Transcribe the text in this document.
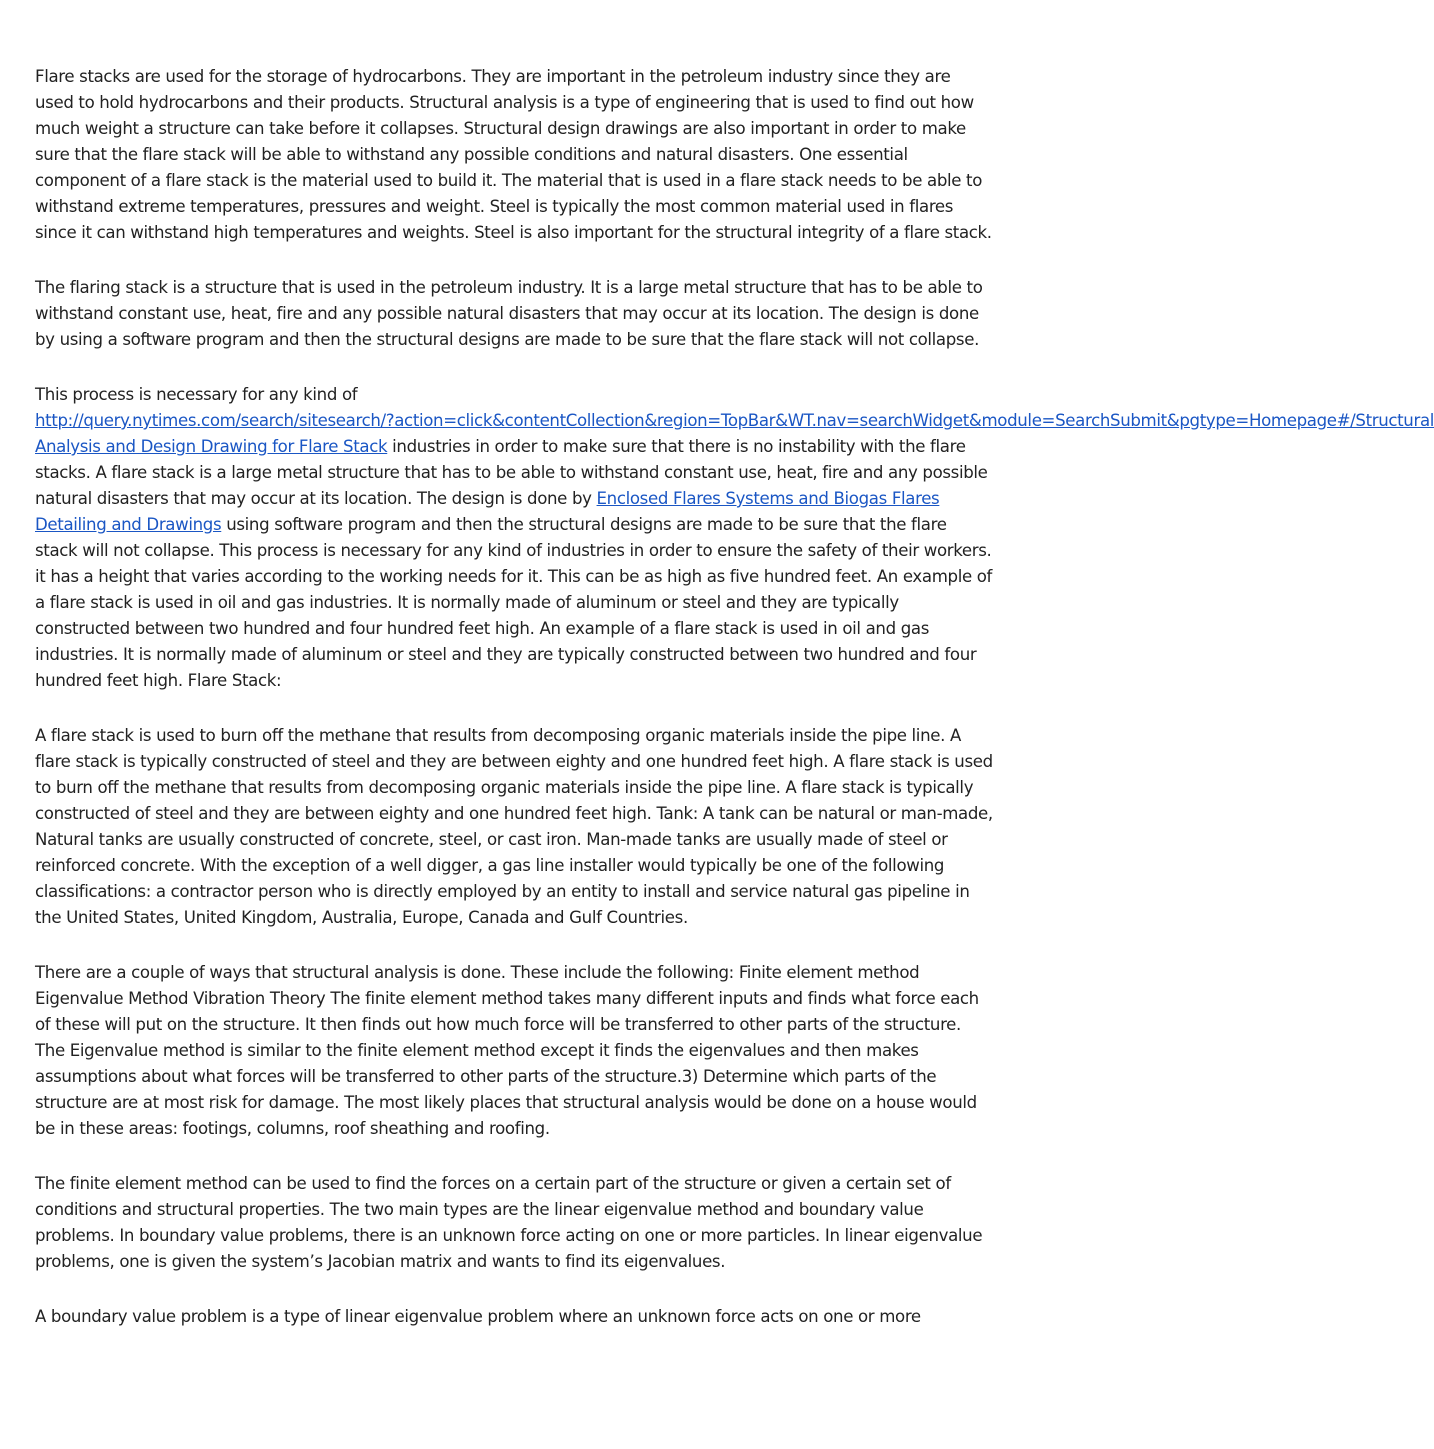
Flare stacks are used for the storage of hydrocarbons. They are important in the petroleum industry since they are used to hold hydrocarbons and their products. Structural analysis is a type of engineering that is used to find out how much weight a structure can take before it collapses. Structural design drawings are also important in order to make sure that the flare stack will be able to withstand any possible conditions and natural disasters. One essential component of a flare stack is the material used to build it. The material that is used in a flare stack needs to be able to withstand extreme temperatures, pressures and weight. Steel is typically the most common material used in flares since it can withstand high temperatures and weights. Steel is also important for the structural integrity of a flare stack.

The flaring stack is a structure that is used in the petroleum industry. It is a large metal structure that has to be able to withstand constant use, heat, fire and any possible natural disasters that may occur at its location. The design is done by using a software program and then the structural designs are made to be sure that the flare stack will not collapse.

This process is necessary for any kind of
http://query.nytimes.com/search/sitesearch/?action=click&contentCollection&region=TopBar&WT.nav=searchWidget&module=SearchSubmit&pgtype=Homepage#/Structural
Analysis and Design Drawing for Flare Stack industries in order to make sure that there is no instability with the flare stacks. A flare stack is a large metal structure that has to be able to withstand constant use, heat, fire and any possible natural disasters that may occur at its location. The design is done by Enclosed Flares Systems and Biogas Flares Detailing and Drawings using software program and then the structural designs are made to be sure that the flare stack will not collapse. This process is necessary for any kind of industries in order to ensure the safety of their workers. it has a height that varies according to the working needs for it. This can be as high as five hundred feet. An example of a flare stack is used in oil and gas industries. It is normally made of aluminum or steel and they are typically constructed between two hundred and four hundred feet high. An example of a flare stack is used in oil and gas industries. It is normally made of aluminum or steel and they are typically constructed between two hundred and four hundred feet high. Flare Stack:

A flare stack is used to burn off the methane that results from decomposing organic materials inside the pipe line. A flare stack is typically constructed of steel and they are between eighty and one hundred feet high. A flare stack is used to burn off the methane that results from decomposing organic materials inside the pipe line. A flare stack is typically constructed of steel and they are between eighty and one hundred feet high. Tank: A tank can be natural or man-made, Natural tanks are usually constructed of concrete, steel, or cast iron. Man-made tanks are usually made of steel or reinforced concrete. With the exception of a well digger, a gas line installer would typically be one of the following classifications: a contractor person who is directly employed by an entity to install and service natural gas pipeline in the United States, United Kingdom, Australia, Europe, Canada and Gulf Countries.

There are a couple of ways that structural analysis is done. These include the following: Finite element method Eigenvalue Method Vibration Theory The finite element method takes many different inputs and finds what force each of these will put on the structure. It then finds out how much force will be transferred to other parts of the structure. The Eigenvalue method is similar to the finite element method except it finds the eigenvalues and then makes assumptions about what forces will be transferred to other parts of the structure.3) Determine which parts of the structure are at most risk for damage. The most likely places that structural analysis would be done on a house would be in these areas: footings, columns, roof sheathing and roofing.

The finite element method can be used to find the forces on a certain part of the structure or given a certain set of conditions and structural properties. The two main types are the linear eigenvalue method and boundary value problems. In boundary value problems, there is an unknown force acting on one or more particles. In linear eigenvalue problems, one is given the system’s Jacobian matrix and wants to find its eigenvalues.

A boundary value problem is a type of linear eigenvalue problem where an unknown force acts on one or more
